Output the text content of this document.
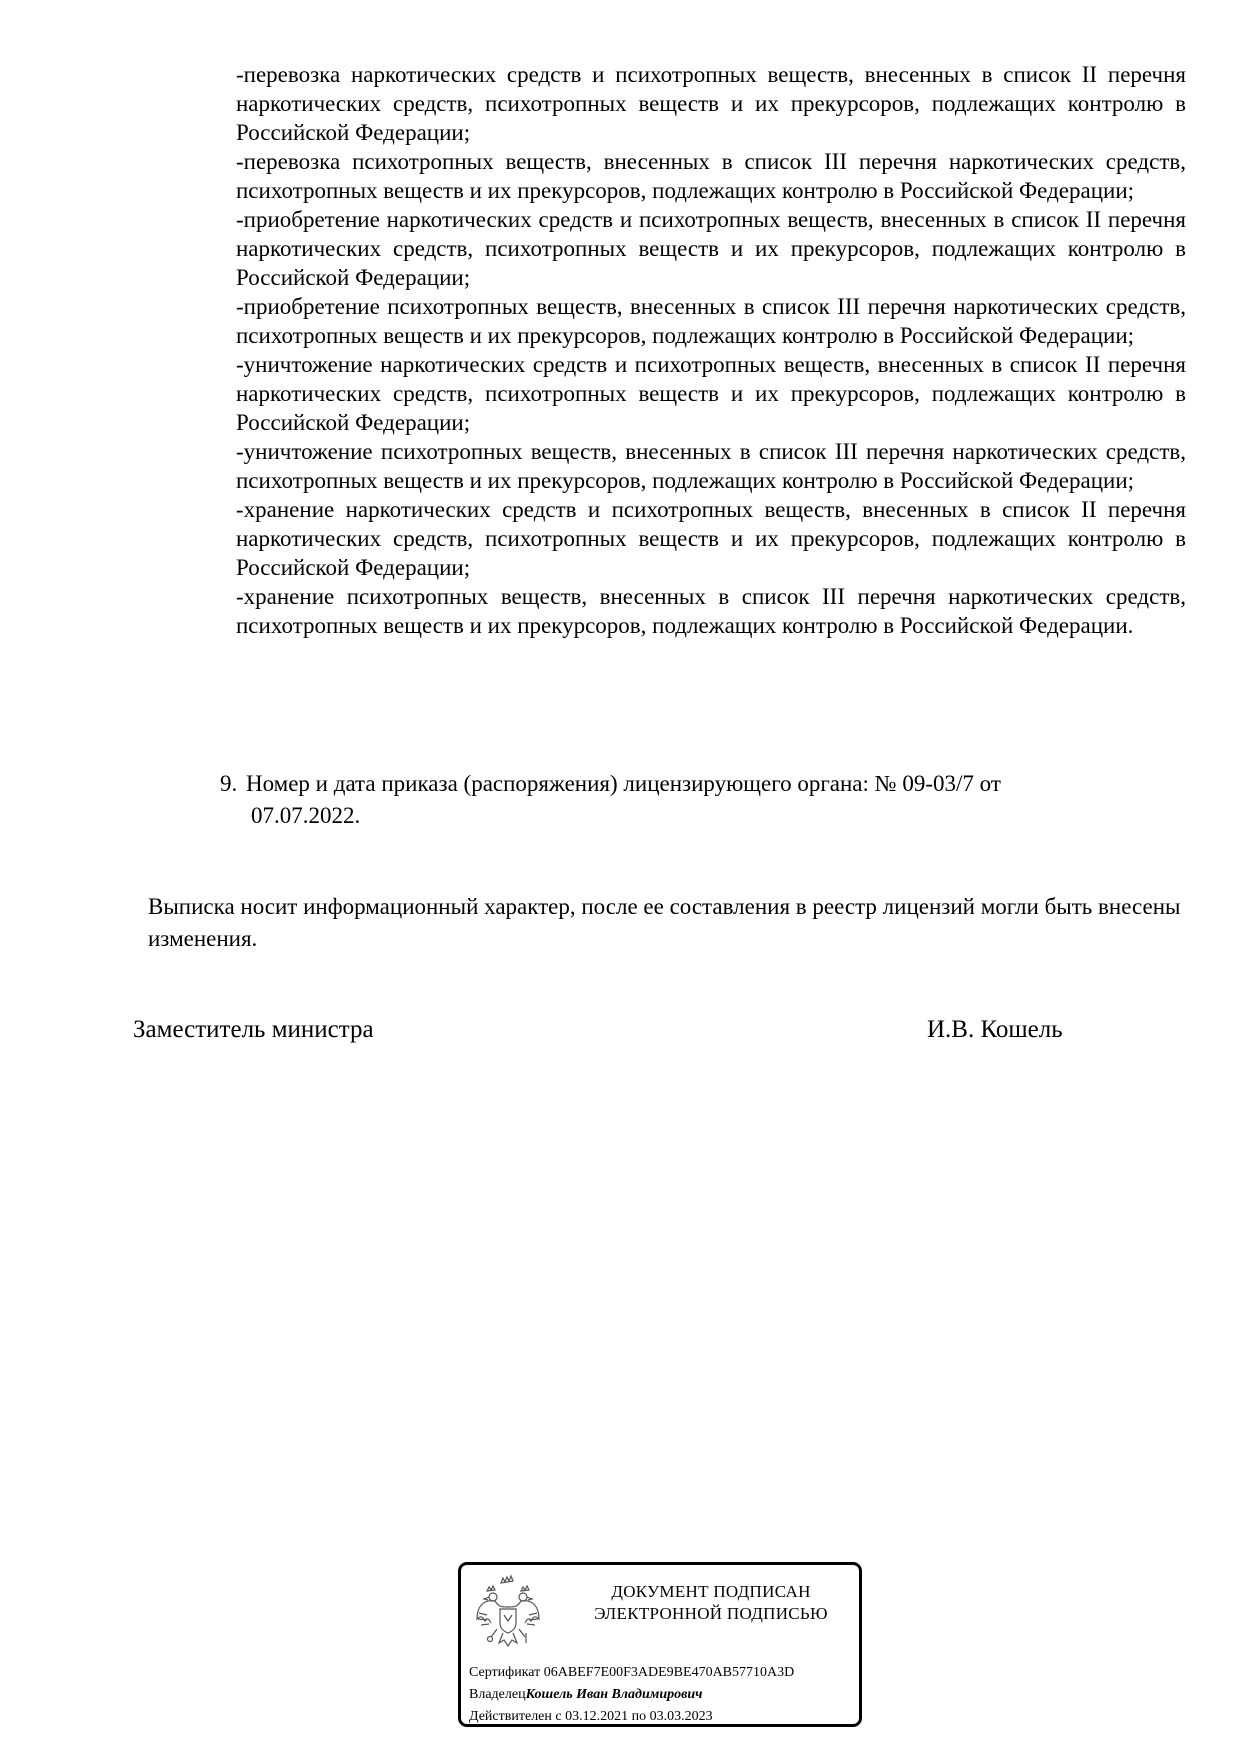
-перевозка наркотических средств и психотропных веществ, внесенных в список II перечня наркотических средств, психотропных веществ и их прекурсоров, подлежащих контролю в Российской Федерации;

-перевозка психотропных веществ, внесенных в список III перечня наркотических средств, психотропных веществ и их прекурсоров, подлежащих контролю в Российской Федерации;

-приобретение наркотических средств и психотропных веществ, внесенных в список II перечня наркотических средств, психотропных веществ и их прекурсоров, подлежащих контролю в Российской Федерации;

-приобретение психотропных веществ, внесенных в список III перечня наркотических средств, психотропных веществ и их прекурсоров, подлежащих контролю в Российской Федерации;

-уничтожение наркотических средств и психотропных веществ, внесенных в список II перечня наркотических средств, психотропных веществ и их прекурсоров, подлежащих контролю в Российской Федерации;

-уничтожение психотропных веществ, внесенных в список III перечня наркотических средств, психотропных веществ и их прекурсоров, подлежащих контролю в Российской Федерации;

-хранение наркотических средств и психотропных веществ, внесенных в список II перечня наркотических средств, психотропных веществ и их прекурсоров, подлежащих контролю в Российской Федерации;

-хранение психотропных веществ, внесенных в список III перечня наркотических средств, психотропных веществ и их прекурсоров, подлежащих контролю в Российской Федерации.

9. Номер и дата приказа (распоряжения) лицензирующего органа: № 09-03/7 от
07.07.2022.
Выписка носит информационный характер, после ее составления в реестр лицензий могли быть внесены изменения.
Заместитель министра	И.В. Кошель
ДОКУМЕНТ ПОДПИСАН
ЭЛЕКТРОННОЙ ПОДПИСЬЮ
Сертификат 06ABEF7E00F3ADE9BE470AB57710A3D
ВладелецКошель Иван Владимирович
Действителен с 03.12.2021 по 03.03.2023
